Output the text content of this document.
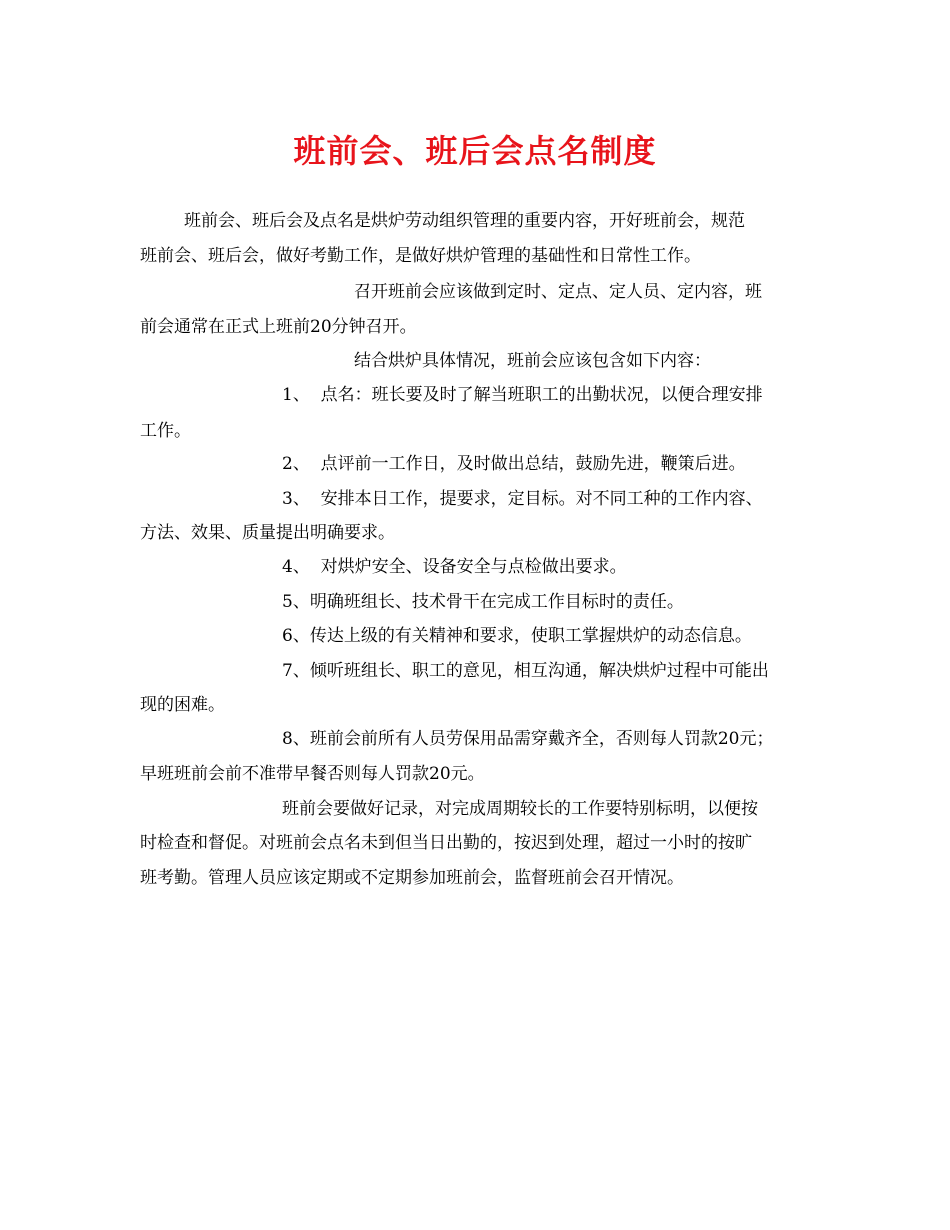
班前会、班后会点名制度

班前会、班后会及点名是烘炉劳动组织管理的重要内容，开好班前会，规范

班前会、班后会，做好考勤工作，是做好烘炉管理的基础性和日常性工作。

召开班前会应该做到定时、定点、定人员、定内容，班

前会通常在正式上班前20分钟召开。

结合烘炉具体情况，班前会应该包含如下内容：

1、  点名：班长要及时了解当班职工的出勤状况，以便合理安排

工作。

2、  点评前一工作日，及时做出总结，鼓励先进，鞭策后进。

3、  安排本日工作，提要求，定目标。对不同工种的工作内容、

方法、效果、质量提出明确要求。

4、  对烘炉安全、设备安全与点检做出要求。

5、明确班组长、技术骨干在完成工作目标时的责任。

6、传达上级的有关精神和要求，使职工掌握烘炉的动态信息。

7、倾听班组长、职工的意见，相互沟通，解决烘炉过程中可能出

现的困难。

8、班前会前所有人员劳保用品需穿戴齐全，否则每人罚款20元；

早班班前会前不准带早餐否则每人罚款20元。

班前会要做好记录，对完成周期较长的工作要特别标明，以便按

时检查和督促。对班前会点名未到但当日出勤的，按迟到处理，超过一小时的按旷

班考勤。管理人员应该定期或不定期参加班前会，监督班前会召开情况。
